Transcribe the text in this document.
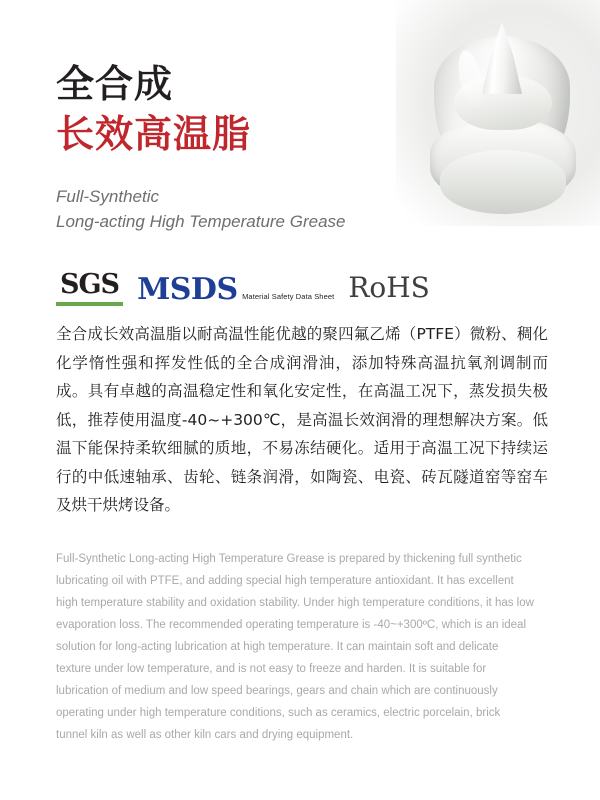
全合成
长效高温脂
Full-Synthetic
Long-acting High Temperature Grease
SGS MSDS Material Safety Data Sheet RoHS
全合成长效高温脂以耐高温性能优越的聚四氟乙烯（PTFE）微粉、稠化化学惰性强和挥发性低的全合成润滑油，添加特殊高温抗氧剂调制而成。具有卓越的高温稳定性和氧化安定性，在高温工况下，蒸发损失极低，推荐使用温度-40~+300℃，是高温长效润滑的理想解决方案。低温下能保持柔软细腻的质地，不易冻结硬化。适用于高温工况下持续运行的中低速轴承、齿轮、链条润滑，如陶瓷、电瓷、砖瓦隧道窑等窑车及烘干烘烤设备。
Full-Synthetic Long-acting High Temperature Grease is prepared by thickening full synthetic lubricating oil with PTFE, and adding special high temperature antioxidant. It has excellent high temperature stability and oxidation stability. Under high temperature conditions, it has low evaporation loss. The recommended operating temperature is -40~+300ºC, which is an ideal solution for long-acting lubrication at high temperature. It can maintain soft and delicate texture under low temperature, and is not easy to freeze and harden. It is suitable for lubrication of medium and low speed bearings, gears and chain which are continuously operating under high temperature conditions, such as ceramics, electric porcelain, brick tunnel kiln as well as other kiln cars and drying equipment.
